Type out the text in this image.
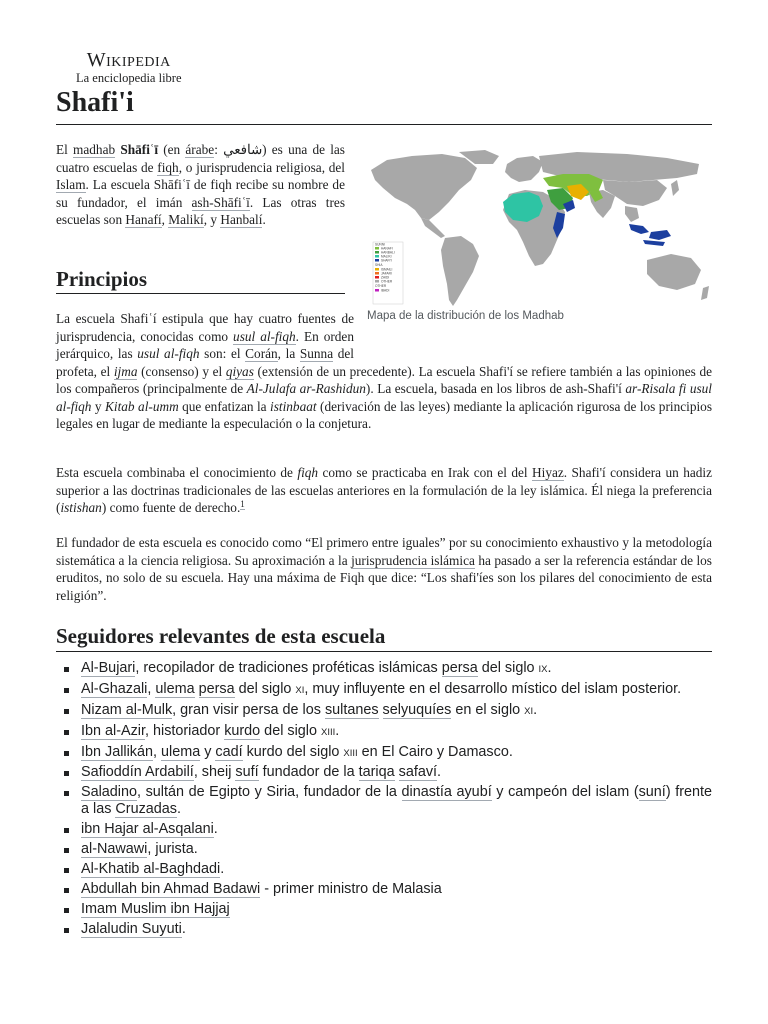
Wikipedia
La enciclopedia libre
Shafi'i

El madhab Shāfiʿī (en árabe: شافعي) es una de las cuatro escuelas de fiqh, o jurisprudencia religiosa, del Islam. La escuela Shāfiʿī de fiqh recibe su nombre de su fundador, el imán ash-Shāfiʿī. Las otras tres escuelas son Hanafí, Malikí, y Hanbalí.

SUNNI
HANAFI
HANBALI
MALIKI
SHAFI'I
SHIA
ISMAILI
JAFARI
ZAIDI
OTHER
OTHER
IBADI
Mapa de la distribución de los Madhab
Principios

La escuela Shafiʿí estipula que hay cuatro fuentes de jurisprudencia, conocidas como usul al-fiqh. En orden jerárquico, las usul al-fiqh son: el Corán, la Sunna del profeta, el ijma (consenso) y el qiyas (extensión de un precedente). La escuela Shafi'í se refiere también a las opiniones de los compañeros (principalmente de Al-Julafa ar-Rashidun). La escuela, basada en los libros de ash-Shafi'í ar-Risala fi usul al-fiqh y Kitab al-umm que enfatizan la istinbaat (derivación de las leyes) mediante la aplicación rigurosa de los principios legales en lugar de mediante la especulación o la conjetura.

Esta escuela combinaba el conocimiento de fiqh como se practicaba en Irak con el del Hiyaz. Shafi'í considera un hadiz superior a las doctrinas tradicionales de las escuelas anteriores en la formulación de la ley islámica. Él niega la preferencia (istishan) como fuente de derecho.$^1$

El fundador de esta escuela es conocido como “El primero entre iguales” por su conocimiento exhaustivo y la metodología sistemática a la ciencia religiosa. Su aproximación a la jurisprudencia islámica ha pasado a ser la referencia estándar de los eruditos, no solo de su escuela. Hay una máxima de Fiqh que dice: “Los shafi'íes son los pilares del conocimiento de esta religión”.

Seguidores relevantes de esta escuela
Al-Bujari, recopilador de tradiciones proféticas islámicas persa del siglo IX.
Al-Ghazali, ulema persa del siglo XI, muy influyente en el desarrollo místico del islam posterior.
Nizam al-Mulk, gran visir persa de los sultanes selyuquíes en el siglo XI.
Ibn al-Azir, historiador kurdo del siglo XIII.
Ibn Jallikán, ulema y cadí kurdo del siglo XIII en El Cairo y Damasco.
Safioddín Ardabilí, sheij sufí fundador de la tariqa safaví.
Saladino, sultán de Egipto y Siria, fundador de la dinastía ayubí y campeón del islam (suní) frente a las Cruzadas.
ibn Hajar al-Asqalani.
al-Nawawi, jurista.
Al-Khatib al-Baghdadi.
Abdullah bin Ahmad Badawi - primer ministro de Malasia
Imam Muslim ibn Hajjaj
Jalaludin Suyuti.
